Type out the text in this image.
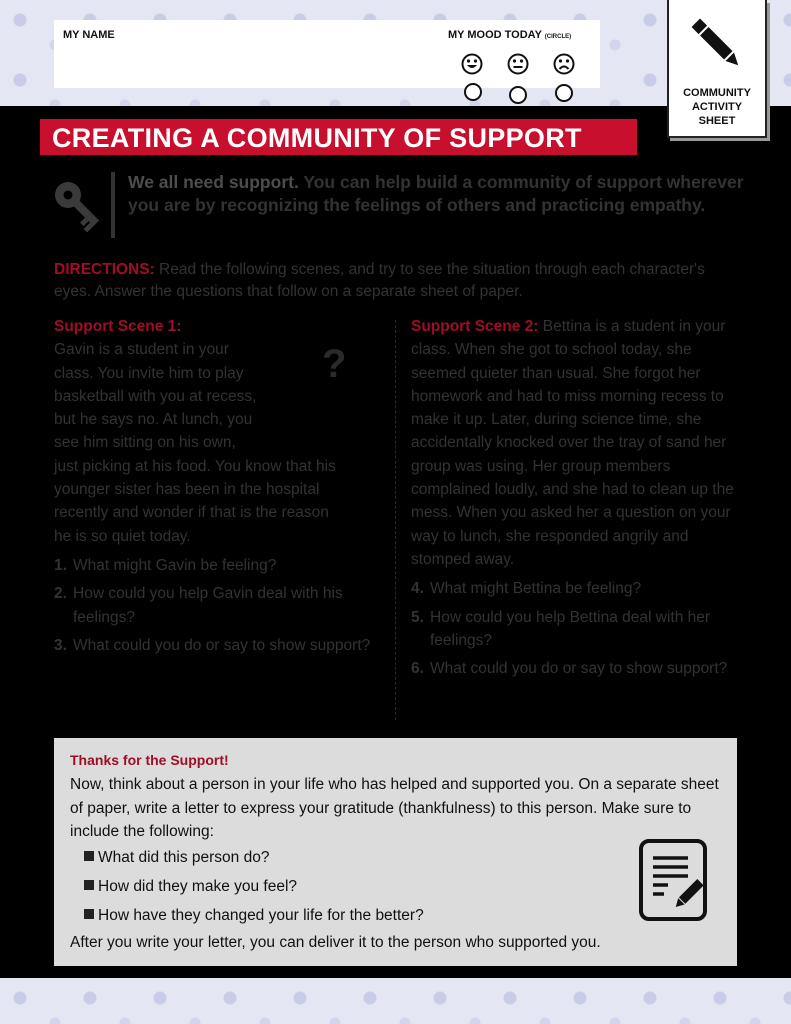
MY NAME	MY MOOD TODAY (CIRCLE)
COMMUNITY
ACTIVITY
SHEET
CREATING A COMMUNITY OF SUPPORT
We all need support. You can help build a community of support wherever you are by recognizing the feelings of others and practicing empathy.
DIRECTIONS: Read the following scenes, and try to see the situation through each character's eyes. Answer the questions that follow on a separate sheet of paper.
?
Support Scene 1:
Gavin is a student in your
class. You invite him to play
basketball with you at recess,
but he says no. At lunch, you
see him sitting on his own,
just picking at his food. You know that his
younger sister has been in the hospital
recently and wonder if that is the reason
he is so quiet today.
1. What might Gavin be feeling?
2. How could you help Gavin deal with his feelings?
3. What could you do or say to show support?
Support Scene 2: Bettina is a student in your class. When she got to school today, she seemed quieter than usual. She forgot her homework and had to miss morning recess to make it up. Later, during science time, she accidentally knocked over the tray of sand her group was using. Her group members complained loudly, and she had to clean up the mess. When you asked her a question on your way to lunch, she responded angrily and stomped away.
4. What might Bettina be feeling?
5. How could you help Bettina deal with her feelings?
6. What could you do or say to show support?
Thanks for the Support!
Now, think about a person in your life who has helped and supported you. On a separate sheet of paper, write a letter to express your gratitude (thankfulness) to this person. Make sure to include the following:
What did this person do?
How did they make you feel?
How have they changed your life for the better?
After you write your letter, you can deliver it to the person who supported you.
